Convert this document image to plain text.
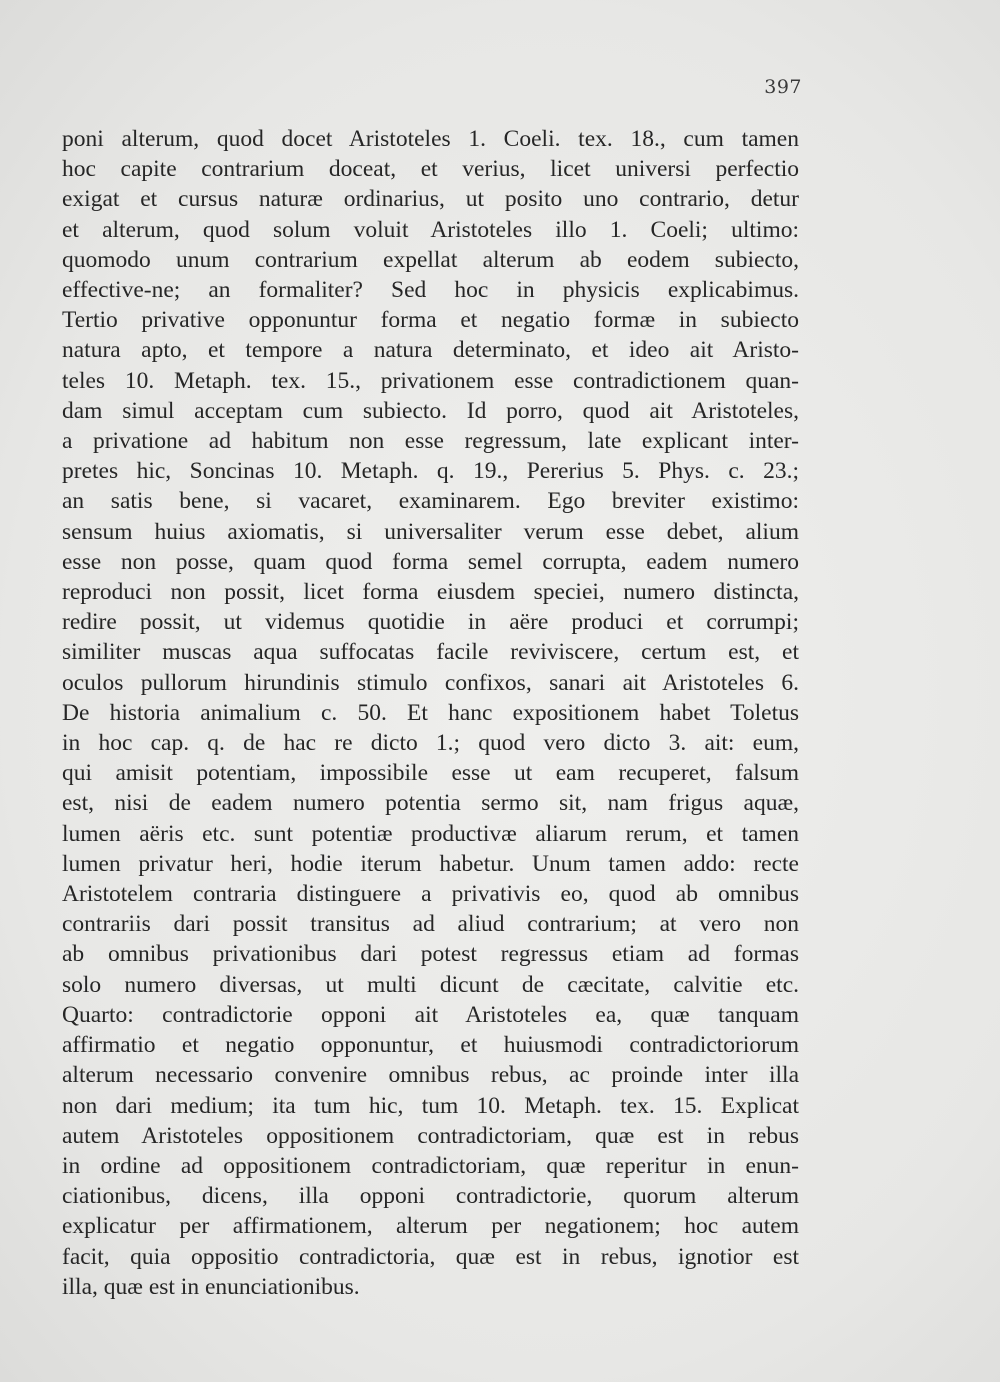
397
poni alterum, quod docet Aristoteles 1. Coeli. tex. 18., cum tamen
hoc capite contrarium doceat, et verius, licet universi perfectio
exigat et cursus naturæ ordinarius, ut posito uno contrario, detur
et alterum, quod solum voluit Aristoteles illo 1. Coeli; ultimo:
quomodo unum contrarium expellat alterum ab eodem subiecto,
effective-ne; an formaliter? Sed hoc in physicis explicabimus.
Tertio privative opponuntur forma et negatio formæ in subiecto
natura apto, et tempore a natura determinato, et ideo ait Aristo-
teles 10. Metaph. tex. 15., privationem esse contradictionem quan-
dam simul acceptam cum subiecto. Id porro, quod ait Aristoteles,
a privatione ad habitum non esse regressum, late explicant inter-
pretes hic, Soncinas 10. Metaph. q. 19., Pererius 5. Phys. c. 23.;
an satis bene, si vacaret, examinarem. Ego breviter existimo:
sensum huius axiomatis, si universaliter verum esse debet, alium
esse non posse, quam quod forma semel corrupta, eadem numero
reproduci non possit, licet forma eiusdem speciei, numero distincta,
redire possit, ut videmus quotidie in aëre produci et corrumpi;
similiter muscas aqua suffocatas facile reviviscere, certum est, et
oculos pullorum hirundinis stimulo confixos, sanari ait Aristoteles 6.
De historia animalium c. 50. Et hanc expositionem habet Toletus
in hoc cap. q. de hac re dicto 1.; quod vero dicto 3. ait: eum,
qui amisit potentiam, impossibile esse ut eam recuperet, falsum
est, nisi de eadem numero potentia sermo sit, nam frigus aquæ,
lumen aëris etc. sunt potentiæ productivæ aliarum rerum, et tamen
lumen privatur heri, hodie iterum habetur. Unum tamen addo: recte
Aristotelem contraria distinguere a privativis eo, quod ab omnibus
contrariis dari possit transitus ad aliud contrarium; at vero non
ab omnibus privationibus dari potest regressus etiam ad formas
solo numero diversas, ut multi dicunt de cæcitate, calvitie etc.
Quarto: contradictorie opponi ait Aristoteles ea, quæ tanquam
affirmatio et negatio opponuntur, et huiusmodi contradictoriorum
alterum necessario convenire omnibus rebus, ac proinde inter illa
non dari medium; ita tum hic, tum 10. Metaph. tex. 15. Explicat
autem Aristoteles oppositionem contradictoriam, quæ est in rebus
in ordine ad oppositionem contradictoriam, quæ reperitur in enun-
ciationibus, dicens, illa opponi contradictorie, quorum alterum
explicatur per affirmationem, alterum per negationem; hoc autem
facit, quia oppositio contradictoria, quæ est in rebus, ignotior est
illa, quæ est in enunciationibus.
